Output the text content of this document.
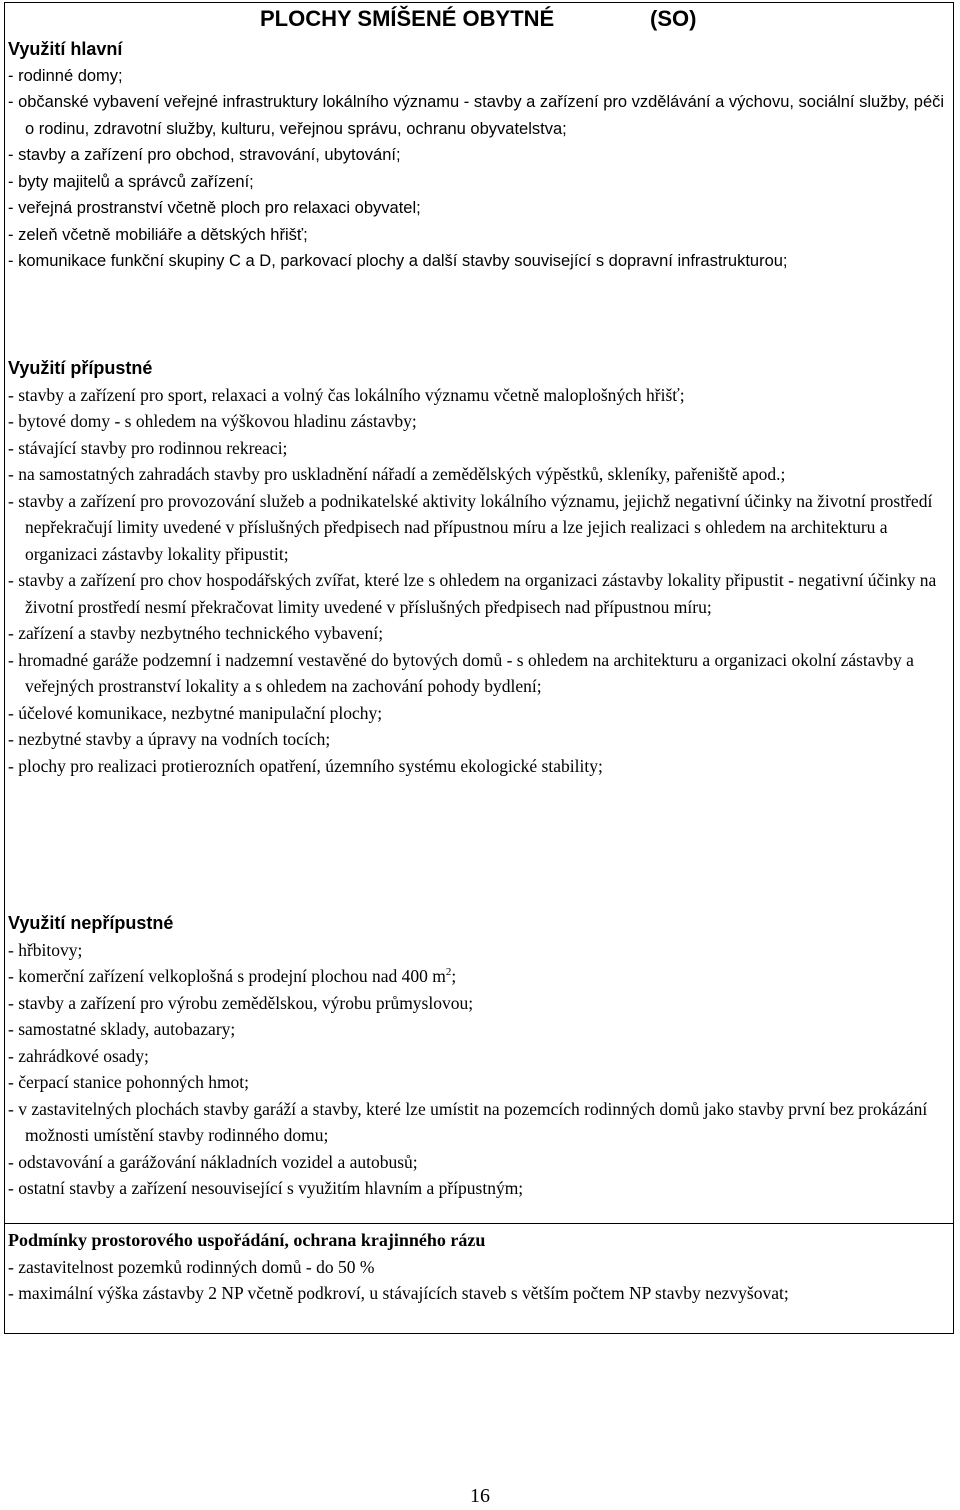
PLOCHY SMÍŠENÉ OBYTNÉ	(SO)
Využití hlavní
- rodinné domy;
- občanské vybavení veřejné infrastruktury lokálního významu - stavby a zařízení pro vzdělávání a výchovu, sociální služby, péči o rodinu, zdravotní služby, kulturu, veřejnou správu, ochranu obyvatelstva;
- stavby a zařízení pro obchod, stravování, ubytování;
- byty majitelů a správců zařízení;
- veřejná prostranství včetně ploch pro relaxaci obyvatel;
- zeleň včetně mobiliáře a dětských hřišť;
- komunikace funkční skupiny C a D, parkovací plochy a další stavby související s dopravní infrastrukturou;
Využití přípustné
- stavby a zařízení pro sport, relaxaci a volný čas lokálního významu včetně maloplošných hřišť;
- bytové domy - s ohledem na výškovou hladinu zástavby;
- stávající stavby pro rodinnou rekreaci;
- na samostatných zahradách stavby pro uskladnění nářadí a zemědělských výpěstků, skleníky, pařeniště apod.;
- stavby a zařízení pro provozování služeb a podnikatelské aktivity lokálního významu, jejichž negativní účinky na životní prostředí nepřekračují limity uvedené v příslušných předpisech nad přípustnou míru a lze jejich realizaci s ohledem na architekturu a organizaci zástavby lokality připustit;
- stavby a zařízení pro chov hospodářských zvířat, které lze s ohledem na organizaci zástavby lokality připustit - negativní účinky na životní prostředí nesmí překračovat limity uvedené v příslušných předpisech nad přípustnou míru;
- zařízení a stavby nezbytného technického vybavení;
- hromadné garáže podzemní i nadzemní vestavěné do bytových domů - s ohledem na architekturu a organizaci okolní zástavby a veřejných prostranství lokality a s ohledem na zachování pohody bydlení;
- účelové komunikace, nezbytné manipulační plochy;
- nezbytné stavby a úpravy na vodních tocích;
- plochy pro realizaci protierozních opatření, územního systému ekologické stability;
Využití nepřípustné
- hřbitovy;
- komerční zařízení velkoplošná s prodejní plochou nad 400 $m^2$;
- stavby a zařízení pro výrobu zemědělskou, výrobu průmyslovou;
- samostatné sklady, autobazary;
- zahrádkové osady;
- čerpací stanice pohonných hmot;
- v zastavitelných plochách stavby garáží a stavby, které lze umístit na pozemcích rodinných domů jako stavby první bez prokázání možnosti umístění stavby rodinného domu;
- odstavování a garážování nákladních vozidel a autobusů;
- ostatní stavby a zařízení nesouvisející s využitím hlavním a přípustným;
Podmínky prostorového uspořádání, ochrana krajinného rázu
- zastavitelnost pozemků rodinných domů - do 50 %
- maximální výška zástavby 2 NP včetně podkroví, u stávajících staveb s větším počtem NP stavby nezvyšovat;
16
